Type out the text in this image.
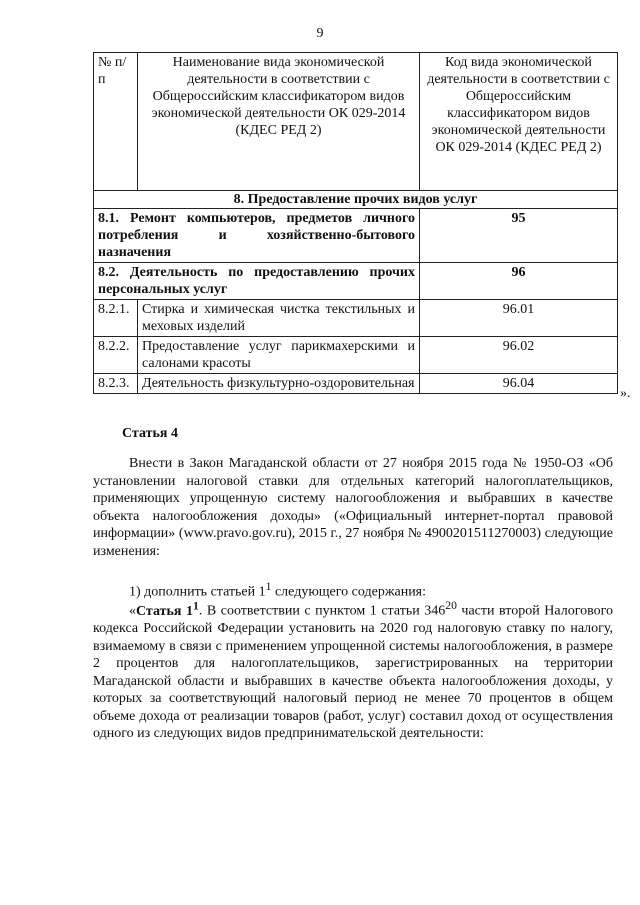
9
№ п/п	Наименование вида экономической деятельности в соответствии с Общероссийским классификатором видов экономической деятельности ОК 029-2014 (КДЕС РЕД 2)	Код вида экономической деятельности в соответствии с Общероссийским классификатором видов экономической деятельности ОК 029-2014 (КДЕС РЕД 2)
8. Предоставление прочих видов услуг		
8.1. Ремонт компьютеров, предметов личного потребления и хозяйственно-бытового назначения		95
8.2. Деятельность по предоставлению прочих персональных услуг		96
8.2.1.	Стирка и химическая чистка текстильных и меховых изделий	96.01
8.2.2.	Предоставление услуг парикмахерскими и салонами красоты	96.02
8.2.3.	Деятельность физкультурно-оздоровительная	96.04
».
Статья 4
Внести в Закон Магаданской области от 27 ноября 2015 года № 1950-ОЗ «Об установлении налоговой ставки для отдельных категорий налогоплательщиков, применяющих упрощенную систему налогообложения и выбравших в качестве объекта налогообложения доходы» («Официальный интернет-портал правовой информации» (www.pravo.gov.ru), 2015 г., 27 ноября № 4900201511270003) следующие изменения:
1) дополнить статьей $1^1$ следующего содержания:
«Статья $1^1$. В соответствии с пунктом 1 статьи $346^{20}$ части второй Налогового кодекса Российской Федерации установить на 2020 год налоговую ставку по налогу, взимаемому в связи с применением упрощенной системы налогообложения, в размере 2 процентов для налогоплательщиков, зарегистрированных на территории Магаданской области и выбравших в качестве объекта налогообложения доходы, у которых за соответствующий налоговый период не менее 70 процентов в общем объеме дохода от реализации товаров (работ, услуг) составил доход от осуществления одного из следующих видов предпринимательской деятельности:
